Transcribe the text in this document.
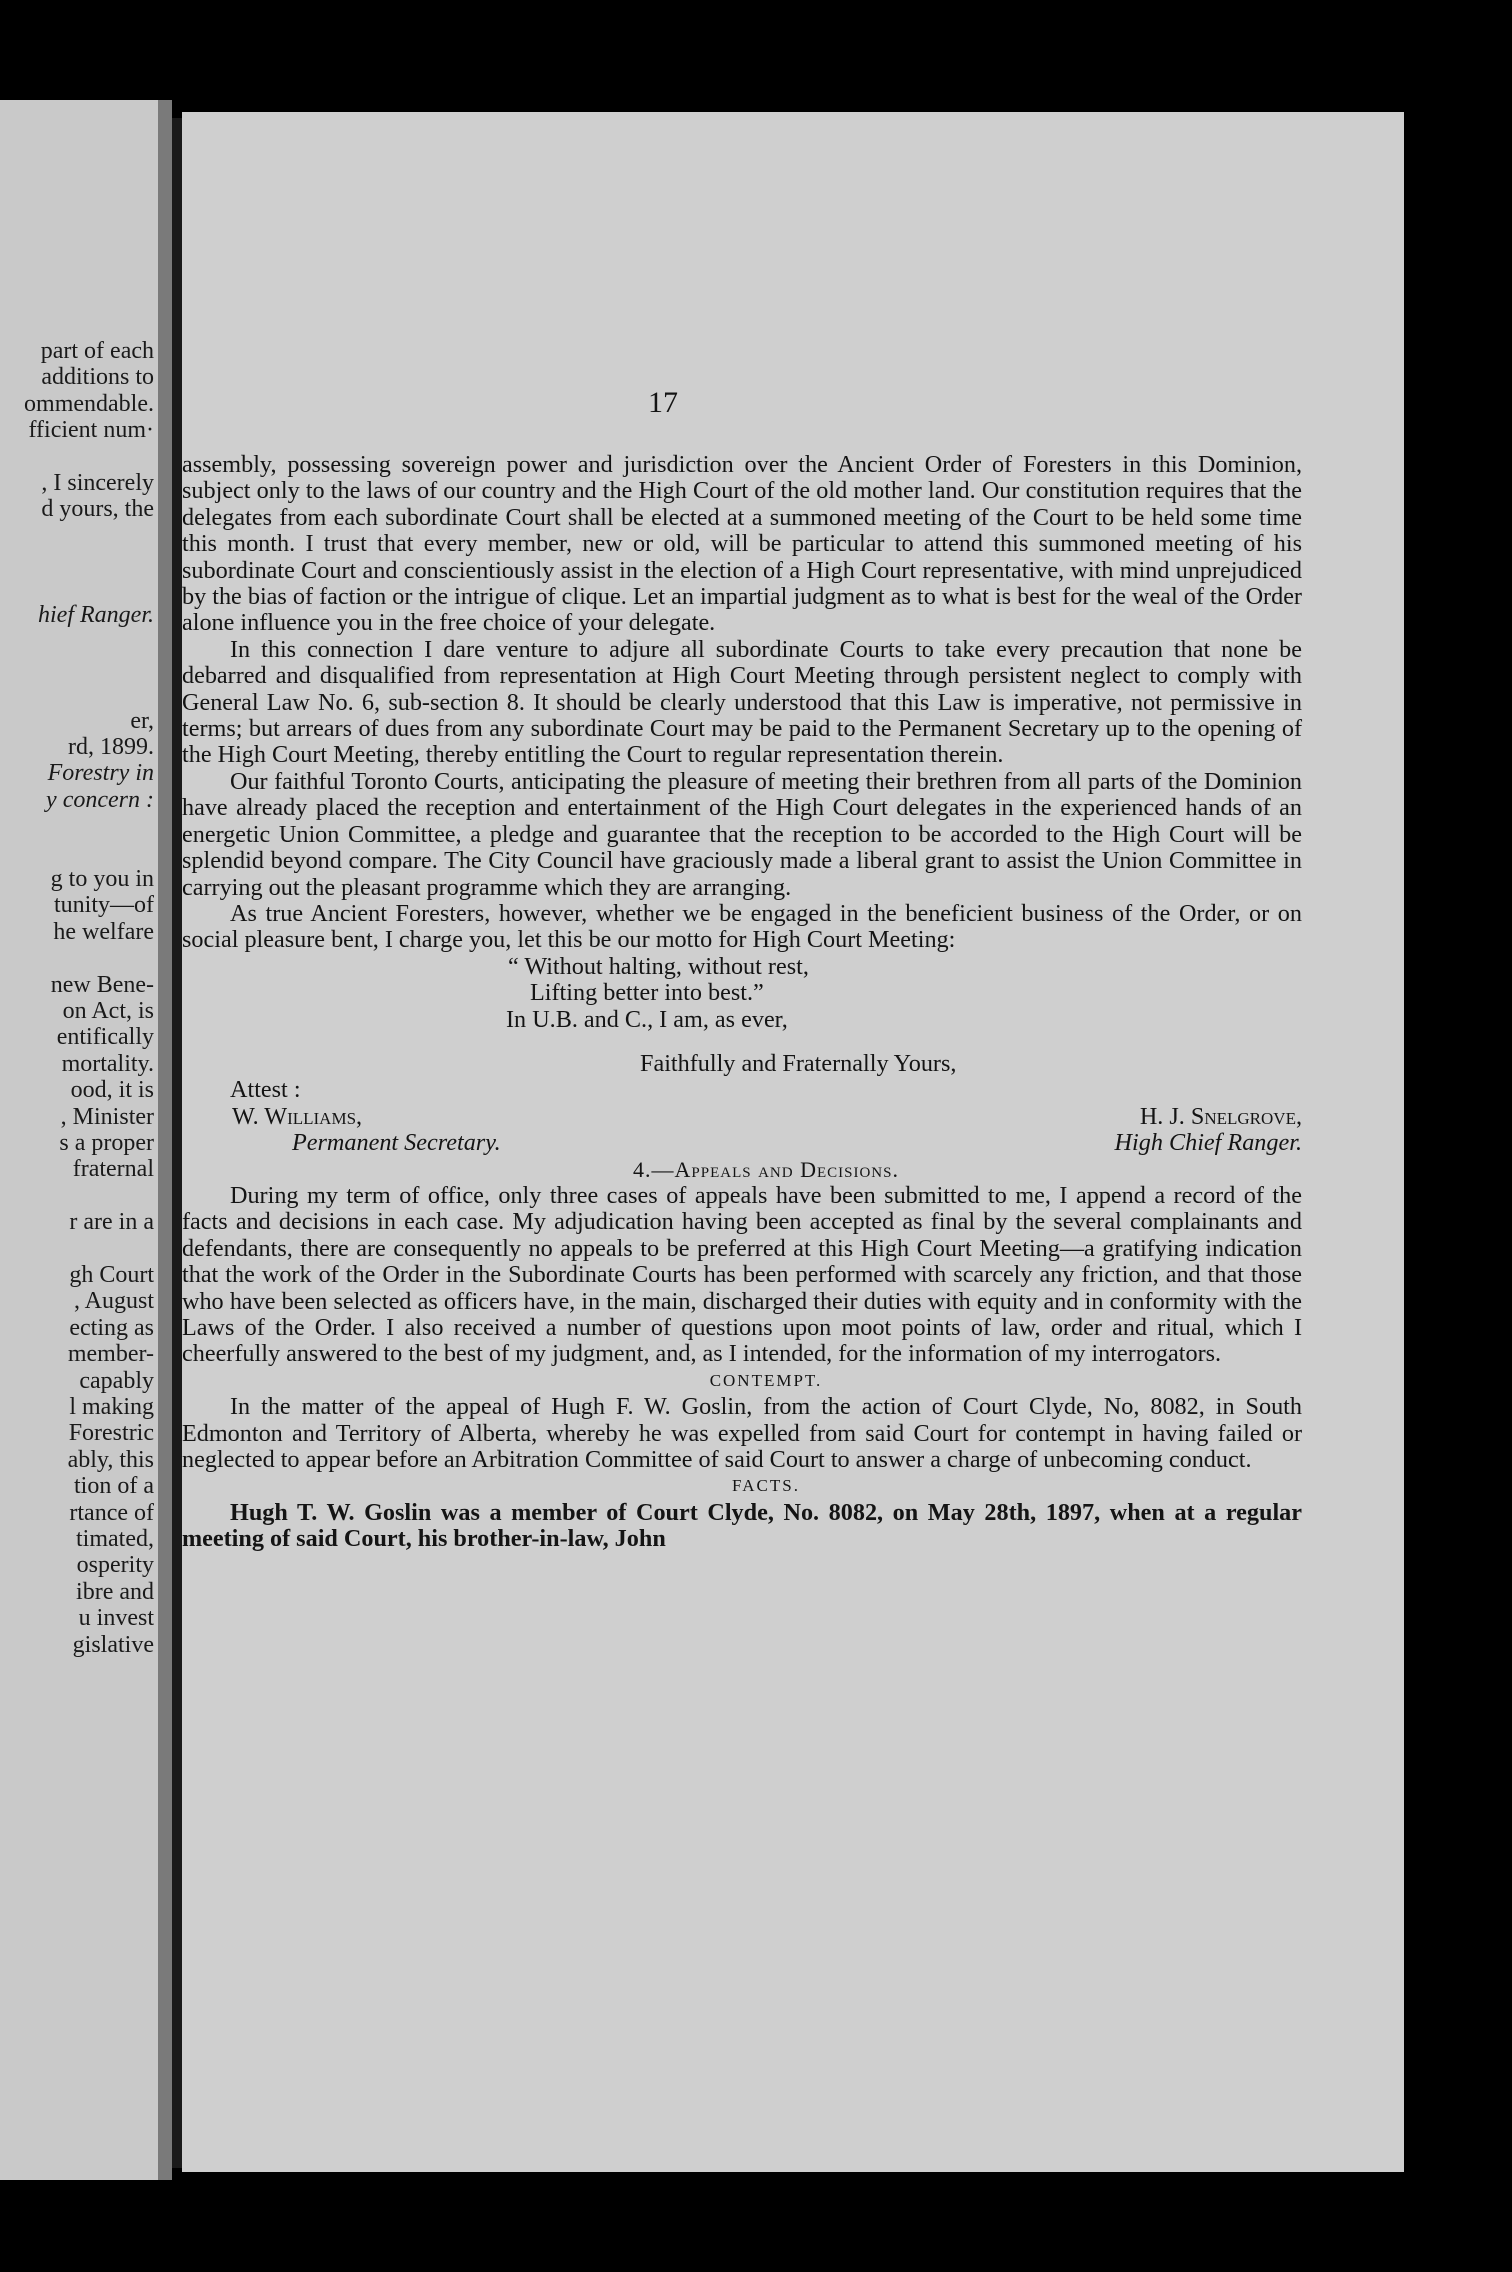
part of each
additions to
ommendable.
fficient num·
, I sincerely
d yours, the
hief Ranger.
er,
rd, 1899.
Forestry in
y concern :
g to you in
tunity—of
he welfare
new Bene-
on Act, is
entifically
mortality.
ood, it is
, Minister
s a proper
fraternal
r are in a
gh Court
, August
ecting as
member-
capably
l making
Forestric
ably, this
tion of a
rtance of
timated,
osperity
ibre and
u invest
gislative

17

assembly, possessing sovereign power and jurisdiction over the Ancient Order of Foresters in this Dominion, subject only to the laws of our country and the High Court of the old mother land. Our constitution requires that the delegates from each subordinate Court shall be elected at a summoned meeting of the Court to be held some time this month. I trust that every member, new or old, will be particular to attend this summoned meeting of his subordinate Court and conscientiously assist in the election of a High Court representative, with mind unprejudiced by the bias of faction or the intrigue of clique. Let an impartial judgment as to what is best for the weal of the Order alone influence you in the free choice of your delegate.

In this connection I dare venture to adjure all subordinate Courts to take every precaution that none be debarred and disqualified from representation at High Court Meeting through persistent neglect to comply with General Law No. 6, sub-section 8. It should be clearly understood that this Law is imperative, not permissive in terms; but arrears of dues from any subordinate Court may be paid to the Permanent Secretary up to the opening of the High Court Meeting, thereby entitling the Court to regular representation therein.

Our faithful Toronto Courts, anticipating the pleasure of meeting their brethren from all parts of the Dominion have already placed the reception and entertainment of the High Court delegates in the experienced hands of an energetic Union Committee, a pledge and guarantee that the reception to be accorded to the High Court will be splendid beyond compare. The City Council have graciously made a liberal grant to assist the Union Committee in carrying out the pleasant programme which they are arranging.

As true Ancient Foresters, however, whether we be engaged in the beneficient business of the Order, or on social pleasure bent, I charge you, let this be our motto for High Court Meeting:

“ Without halting, without rest,

Lifting better into best.”

In U.B. and C., I am, as ever,

Faithfully and Fraternally Yours,

Attest :

W. Williams,	H. J. Snelgrove,
Permanent Secretary.	High Chief Ranger.

4.—Appeals and Decisions.

During my term of office, only three cases of appeals have been submitted to me, I append a record of the facts and decisions in each case. My adjudication having been accepted as final by the several complainants and defendants, there are consequently no appeals to be preferred at this High Court Meeting—a gratifying indication that the work of the Order in the Subordinate Courts has been performed with scarcely any friction, and that those who have been selected as officers have, in the main, discharged their duties with equity and in conformity with the Laws of the Order. I also received a number of questions upon moot points of law, order and ritual, which I cheerfully answered to the best of my judgment, and, as I intended, for the information of my interrogators.

CONTEMPT.

In the matter of the appeal of Hugh F. W. Goslin, from the action of Court Clyde, No, 8082, in South Edmonton and Territory of Alberta, whereby he was expelled from said Court for contempt in having failed or neglected to appear before an Arbitration Committee of said Court to answer a charge of unbecoming conduct.

FACTS.

Hugh T. W. Goslin was a member of Court Clyde, No. 8082, on May 28th, 1897, when at a regular meeting of said Court, his brother-in-law, John
